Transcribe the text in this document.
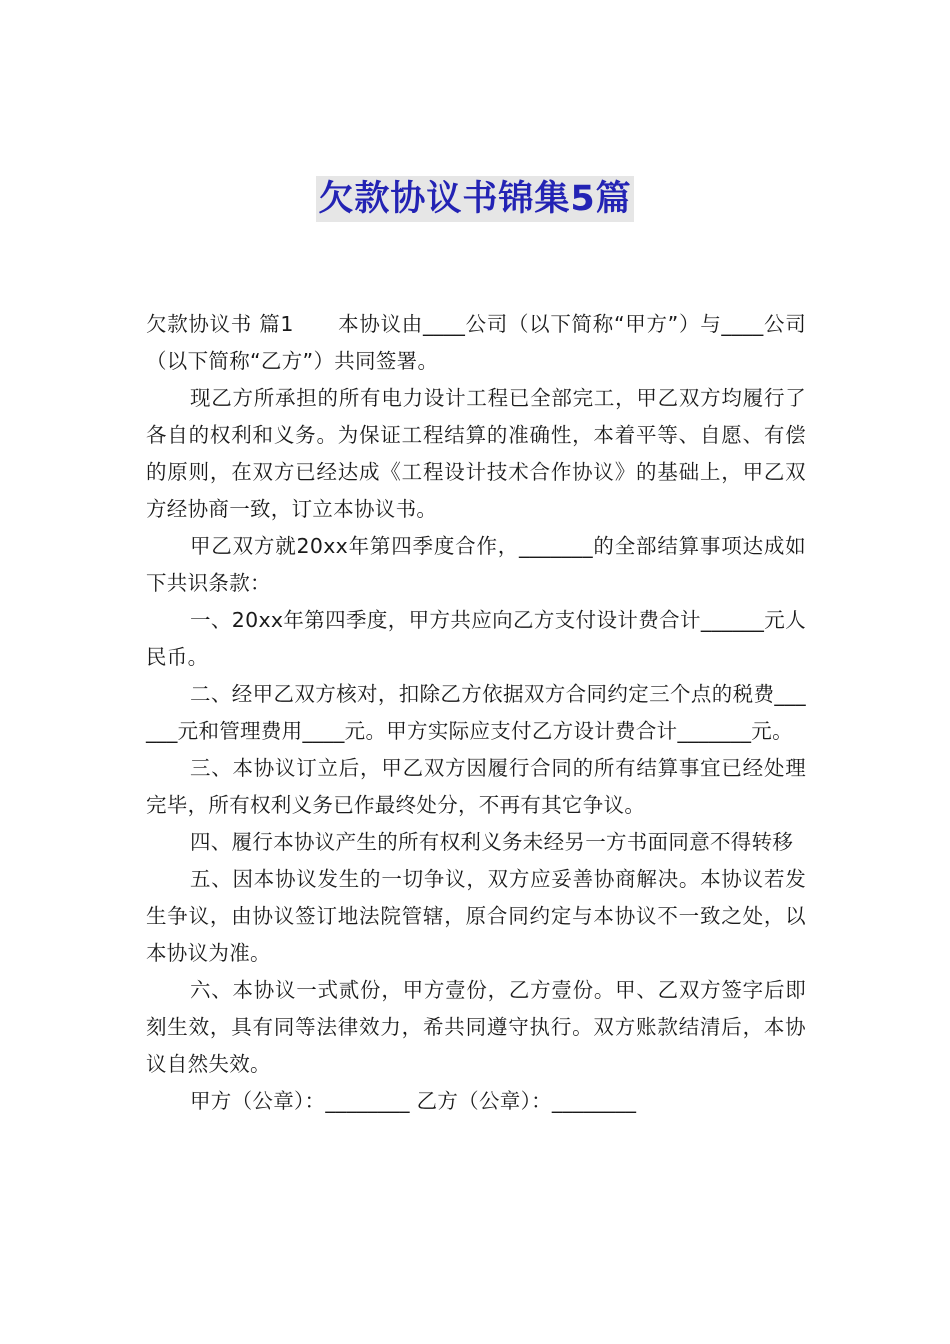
欠款协议书锦集5篇

欠款协议书 篇1 本协议由____公司（以下简称“甲方”）与____公司（以下简称“乙方”）共同签署。

现乙方所承担的所有电力设计工程已全部完工，甲乙双方均履行了各自的权利和义务。为保证工程结算的准确性，本着平等、自愿、有偿的原则，在双方已经达成《工程设计技术合作协议》的基础上，甲乙双方经协商一致，订立本协议书。

甲乙双方就20xx年第四季度合作，_______的全部结算事项达成如下共识条款：

一、20xx年第四季度，甲方共应向乙方支付设计费合计______元人民币。

二、经甲乙双方核对，扣除乙方依据双方合同约定三个点的税费______元和管理费用____元。甲方实际应支付乙方设计费合计_______元。

三、本协议订立后，甲乙双方因履行合同的所有结算事宜已经处理完毕，所有权利义务已作最终处分，不再有其它争议。

四、履行本协议产生的所有权利义务未经另一方书面同意不得转移

五、因本协议发生的一切争议，双方应妥善协商解决。本协议若发生争议，由协议签订地法院管辖，原合同约定与本协议不一致之处，以本协议为准。

六、本协议一式贰份，甲方壹份，乙方壹份。甲、乙双方签字后即刻生效，具有同等法律效力，希共同遵守执行。双方账款结清后，本协议自然失效。

甲方（公章）：________ 乙方（公章）：________
